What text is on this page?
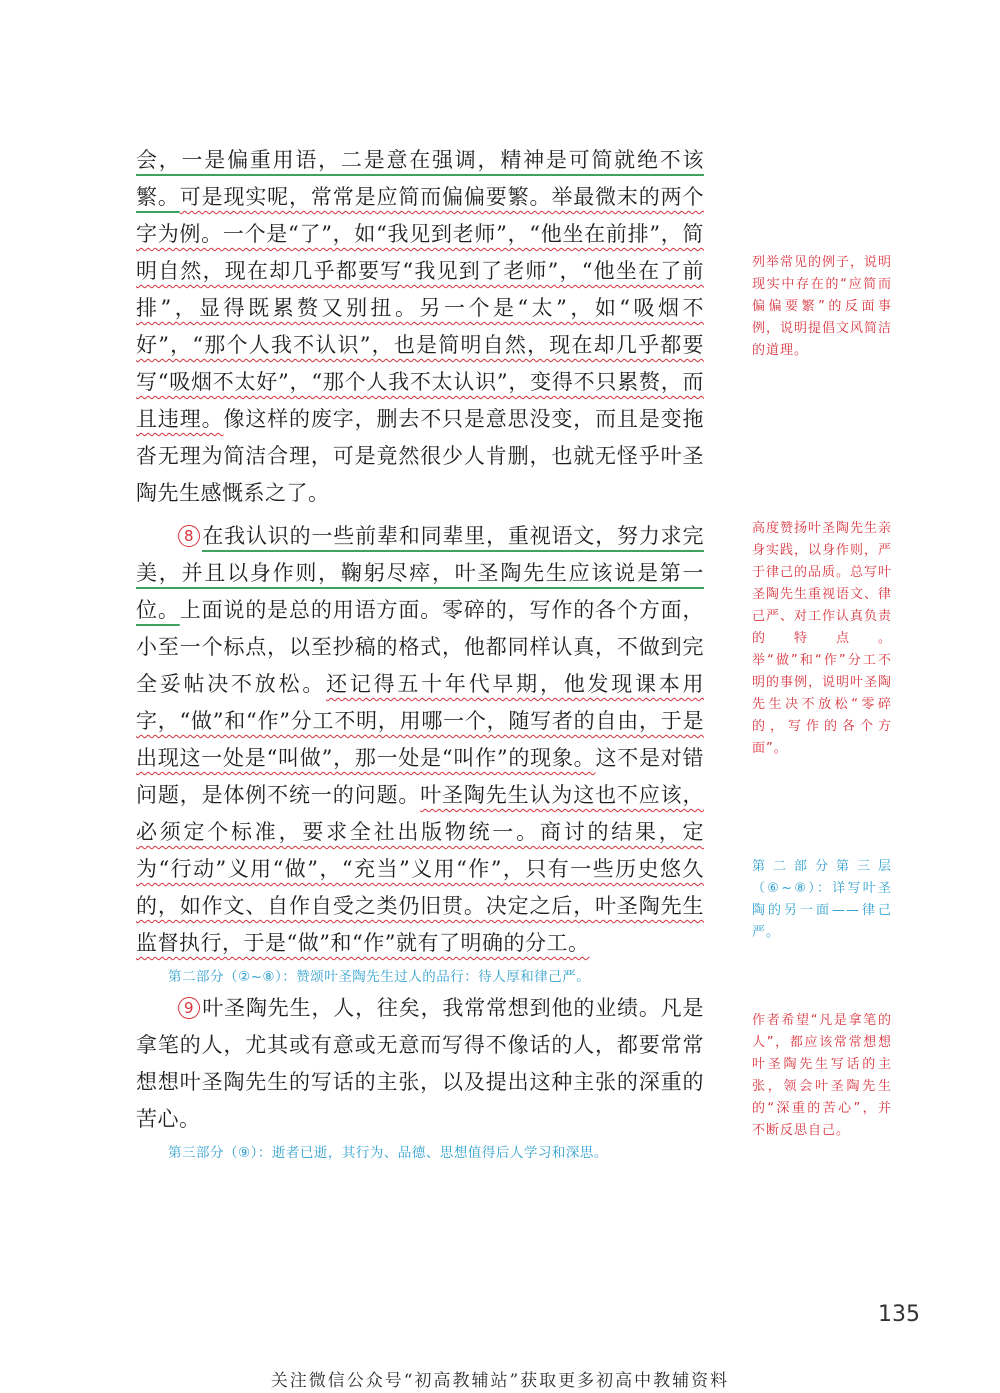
会，一是偏重用语，二是意在强调，精神是可简就绝不该繁。可是现实呢，常常是应简而偏偏要繁。举最微末的两个字为例。一个是“了”，如“我见到老师”，“他坐在前排”，简明自然，现在却几乎都要写“我见到了老师”，“他坐在了前排”，显得既累赘又别扭。另一个是“太”，如“吸烟不好”，“那个人我不认识”，也是简明自然，现在却几乎都要写“吸烟不太好”，“那个人我不太认识”，变得不只累赘，而且违理。像这样的废字，删去不只是意思没变，而且是变拖沓无理为简洁合理，可是竟然很少人肯删，也就无怪乎叶圣陶先生感慨系之了。

8 在我认识的一些前辈和同辈里，重视语文，努力求完美，并且以身作则，鞠躬尽瘁，叶圣陶先生应该说是第一位。上面说的是总的用语方面。零碎的，写作的各个方面，小至一个标点，以至抄稿的格式，他都同样认真，不做到完全妥帖决不放松。还记得五十年代早期，他发现课本用字，“做”和“作”分工不明，用哪一个，随写者的自由，于是出现这一处是“叫做”，那一处是“叫作”的现象。这不是对错问题，是体例不统一的问题。叶圣陶先生认为这也不应该，必须定个标准，要求全社出版物统一。商讨的结果，定为“行动”义用“做”，“充当”义用“作”，只有一些历史悠久的，如作文、自作自受之类仍旧贯。决定之后，叶圣陶先生监督执行，于是“做”和“作”就有了明确的分工。

第二部分（②~⑧）：赞颂叶圣陶先生过人的品行：待人厚和律己严。

9 叶圣陶先生，人，往矣，我常常想到他的业绩。凡是拿笔的人，尤其或有意或无意而写得不像话的人，都要常常想想叶圣陶先生的写话的主张，以及提出这种主张的深重的苦心。

第三部分（⑨）：逝者已逝，其行为、品德、思想值得后人学习和深思。

列举常见的例子，说明现实中存在的“应简而偏偏要繁”的反面事例，说明提倡文风简洁的道理。
高度赞扬叶圣陶先生亲身实践，以身作则，严于律己的品质。总写叶圣陶先生重视语文、律己严、对工作认真负责的特点。举“做”和“作”分工不明的事例，说明叶圣陶先生决不放松“零碎的，写作的各个方面”。
第二部分第三层（⑥~⑧）：详写叶圣陶的另一面——律己严。
作者希望“凡是拿笔的人”，都应该常常想想叶圣陶先生写话的主张，领会叶圣陶先生的“深重的苦心”，并不断反思自己。
135
关注微信公众号“初高教辅站”获取更多初高中教辅资料
